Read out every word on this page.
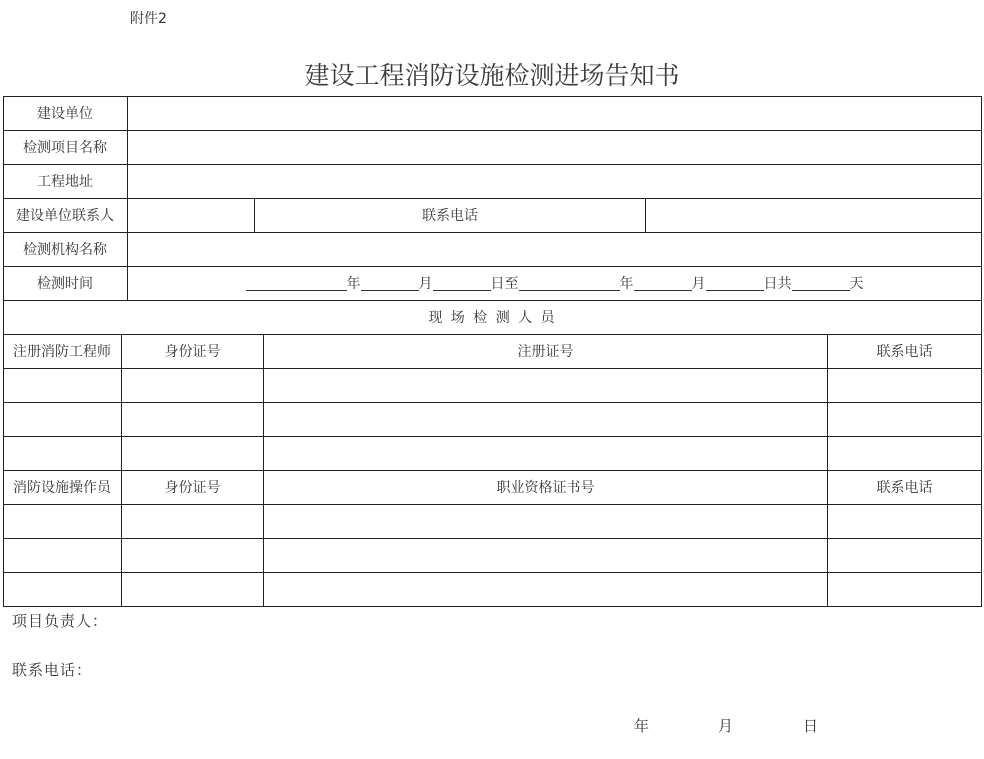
附件2
建设工程消防设施检测进场告知书
建设单位
检测项目名称
工程地址
建设单位联系人	联系电话
检测机构名称
检测时间	年	月	日至	年	月	日共	天
现 场 检 测 人 员
注册消防工程师	身份证号	注册证号	联系电话
消防设施操作员	身份证号	职业资格证书号	联系电话
项目负责人：
联系电话：
年	月	日
